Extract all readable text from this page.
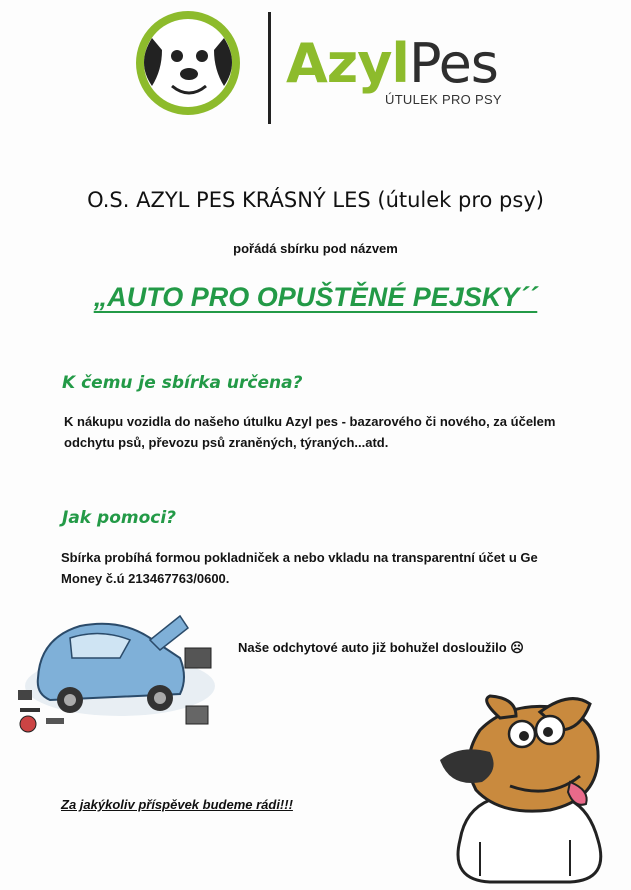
AzylPes
ÚTULEK PRO PSY
O.S. AZYL PES KRÁSNÝ LES (útulek pro psy)
pořádá sbírku pod názvem
„AUTO PRO OPUŠTĚNÉ PEJSKY´´
K čemu je sbírka určena?
K nákupu vozidla do našeho útulku Azyl pes - bazarového či nového, za účelem odchytu psů, převozu psů zraněných, týraných...atd.
Jak pomoci?
Sbírka probíhá formou pokladniček a nebo vkladu na transparentní účet u Ge Money č.ú 213467763/0600.
Naše odchytové auto již bohužel dosloužilo ☹
Za jakýkoliv příspěvek budeme rádi!!!
